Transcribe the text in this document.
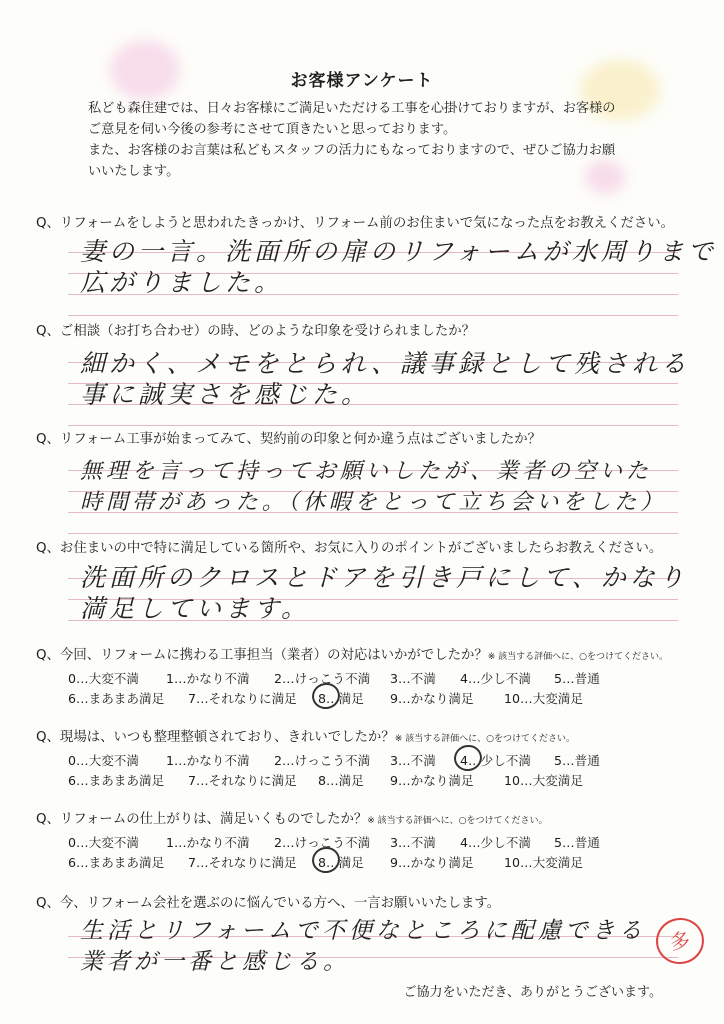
お客様アンケート

私ども森住建では、日々お客様にご満足いただける工事を心掛けておりますが、お客様の

ご意見を伺い今後の参考にさせて頂きたいと思っております。

また、お客様のお言葉は私どもスタッフの活力にもなっておりますので、ぜひご協力お願

いいたします。

Q、リフォームをしようと思われたきっかけ、リフォーム前のお住まいで気になった点をお教えください。
妻の一言。洗面所の扉のリフォームが水周りまで
広がりました。
Q、ご相談（お打ち合わせ）の時、どのような印象を受けられましたか？
細かく、メモをとられ、議事録として残される
事に誠実さを感じた。
Q、リフォーム工事が始まってみて、契約前の印象と何か違う点はございましたか？
無理を言って持ってお願いしたが、業者の空いた
時間帯があった。（休暇をとって立ち会いをした）
Q、お住まいの中で特に満足している箇所や、お気に入りのポイントがございましたらお教えください。
洗面所のクロスとドアを引き戸にして、かなり
満足しています。
Q、今回、リフォームに携わる工事担当（業者）の対応はいかがでしたか？※ 該当する評価へに、○をつけてください。
0…大変不満 1…かなり不満 2…けっこう不満 3…不満 4…少し不満 5…普通
6…まあまあ満足 7…それなりに満足 8…満足 9…かなり満足 10…大変満足
Q、現場は、いつも整理整頓されており、きれいでしたか？※ 該当する評価へに、○をつけてください。
0…大変不満 1…かなり不満 2…けっこう不満 3…不満 4…少し不満 5…普通
6…まあまあ満足 7…それなりに満足 8…満足 9…かなり満足 10…大変満足
Q、リフォームの仕上がりは、満足いくものでしたか？※ 該当する評価へに、○をつけてください。
0…大変不満 1…かなり不満 2…けっこう不満 3…不満 4…少し不満 5…普通
6…まあまあ満足 7…それなりに満足 8…満足 9…かなり満足 10…大変満足
Q、今、リフォーム会社を選ぶのに悩んでいる方へ、一言お願いいたします。
生活とリフォームで不便なところに配慮できる
業者が一番と感じる。
多
ご協力をいただき、ありがとうございます。
